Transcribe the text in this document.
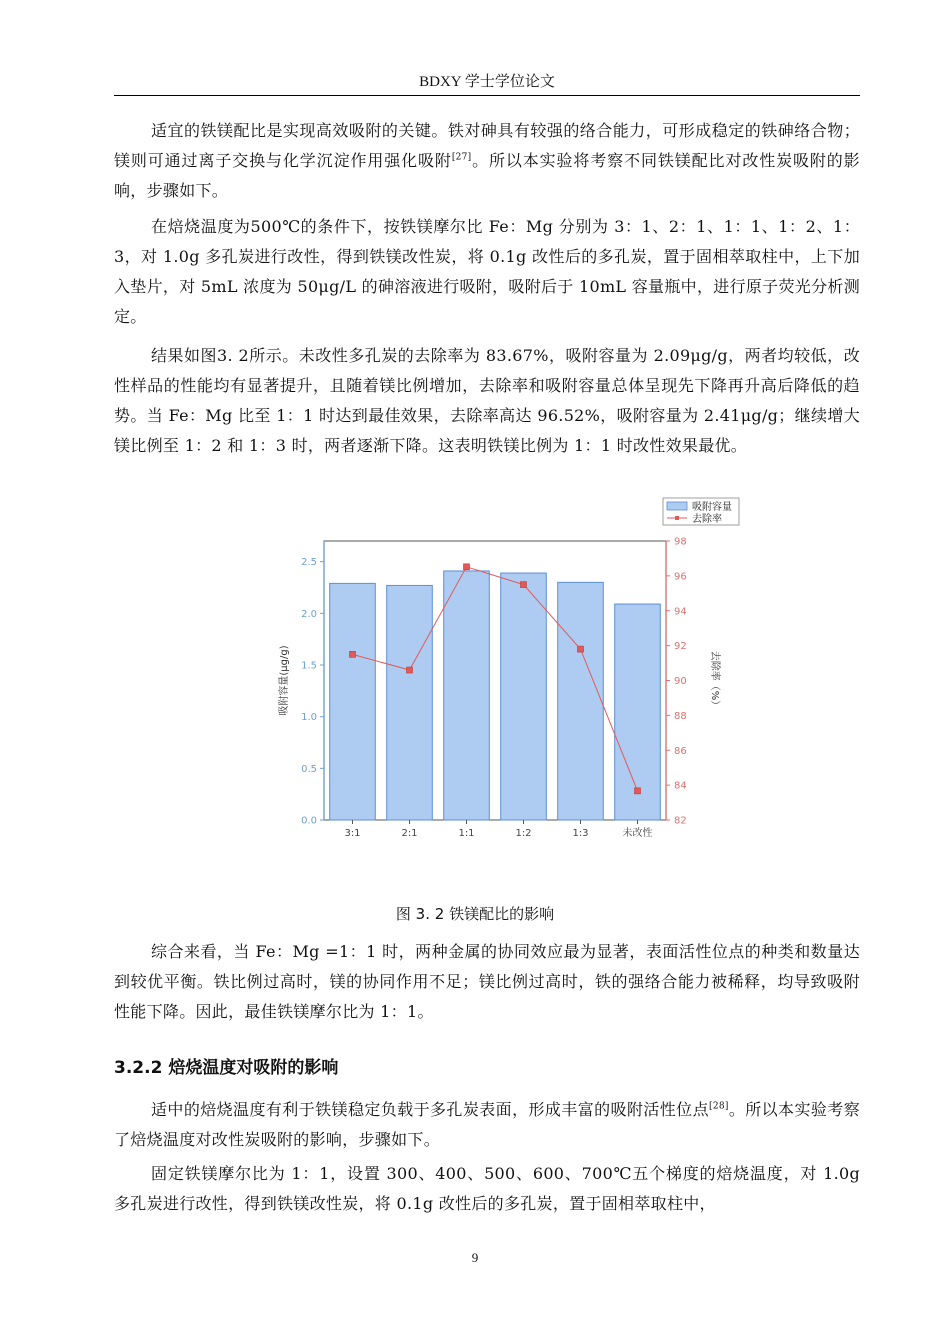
BDXY 学士学位论文

适宜的铁镁配比是实现高效吸附的关键。铁对砷具有较强的络合能力，可形成稳定的铁砷络合物；镁则可通过离子交换与化学沉淀作用强化吸附[27]。所以本实验将考察不同铁镁配比对改性炭吸附的影响，步骤如下。

在焙烧温度为500℃的条件下，按铁镁摩尔比 Fe：Mg 分别为 3：1、2：1、1：1、1：2、1：3，对 1.0g 多孔炭进行改性，得到铁镁改性炭，将 0.1g 改性后的多孔炭，置于固相萃取柱中，上下加入垫片，对 5mL 浓度为 50μg/L 的砷溶液进行吸附，吸附后于 10mL 容量瓶中，进行原子荧光分析测定。

结果如图3. 2所示。未改性多孔炭的去除率为 83.67%，吸附容量为 2.09μg/g，两者均较低，改性样品的性能均有显著提升，且随着镁比例增加，去除率和吸附容量总体呈现先下降再升高后降低的趋势。当 Fe：Mg 比至 1：1 时达到最佳效果，去除率高达 96.52%，吸附容量为 2.41μg/g；继续增大镁比例至 1：2 和 1：3 时，两者逐渐下降。这表明铁镁比例为 1：1 时改性效果最优。

0.0
0.5
1.0
1.5
2.0
2.5
82
84
86
88
90
92
94
96
98
3:1	2:1	1:1	1:2	1:3	未改性
吸附容量(μg/g)	去除率（%）
吸附容量
去除率
图 3. 2 铁镁配比的影响

综合来看，当 Fe：Mg =1：1 时，两种金属的协同效应最为显著，表面活性位点的种类和数量达到较优平衡。铁比例过高时，镁的协同作用不足；镁比例过高时，铁的强络合能力被稀释，均导致吸附性能下降。因此，最佳铁镁摩尔比为 1：1。

3.2.2 焙烧温度对吸附的影响

适中的焙烧温度有利于铁镁稳定负载于多孔炭表面，形成丰富的吸附活性位点[28]。所以本实验考察了焙烧温度对改性炭吸附的影响，步骤如下。

固定铁镁摩尔比为 1：1，设置 300、400、500、600、700℃五个梯度的焙烧温度，对 1.0g 多孔炭进行改性，得到铁镁改性炭，将 0.1g 改性后的多孔炭，置于固相萃取柱中，

9
